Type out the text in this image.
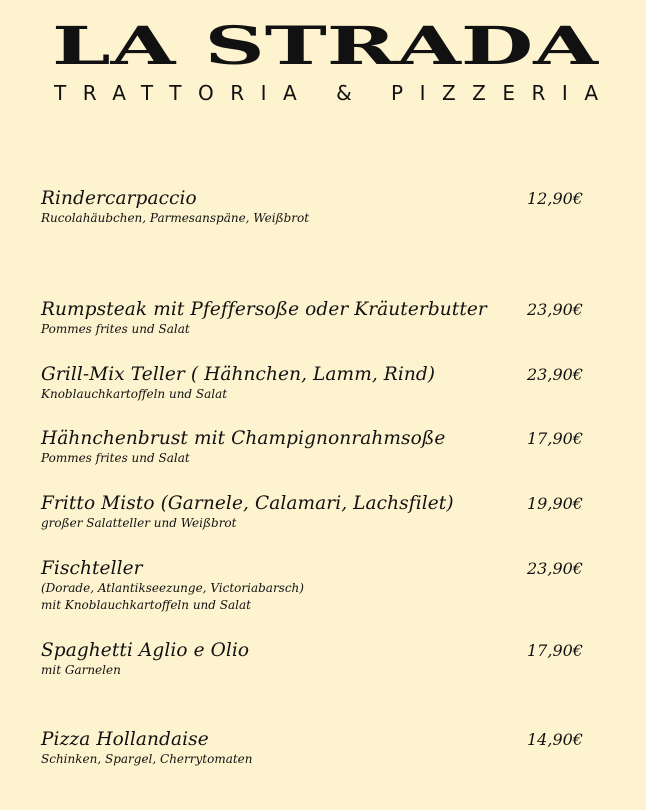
LA STRADA
TRATTORIA & PIZZERIA
Rindercarpaccio	12,90€
Rucolahäubchen, Parmesanspäne, Weißbrot
Rumpsteak mit Pfeffersoße oder Kräuterbutter	23,90€
Pommes frites und Salat
Grill-Mix Teller ( Hähnchen, Lamm, Rind)	23,90€
Knoblauchkartoffeln und Salat
Hähnchenbrust mit Champignonrahmsoße	17,90€
Pommes frites und Salat
Fritto Misto (Garnele, Calamari, Lachsfilet)	19,90€
großer Salatteller und Weißbrot
Fischteller	23,90€
(Dorade, Atlantikseezunge, Victoriabarsch)
mit Knoblauchkartoffeln und Salat
Spaghetti Aglio e Olio	17,90€
mit Garnelen
Pizza Hollandaise	14,90€
Schinken, Spargel, Cherrytomaten
